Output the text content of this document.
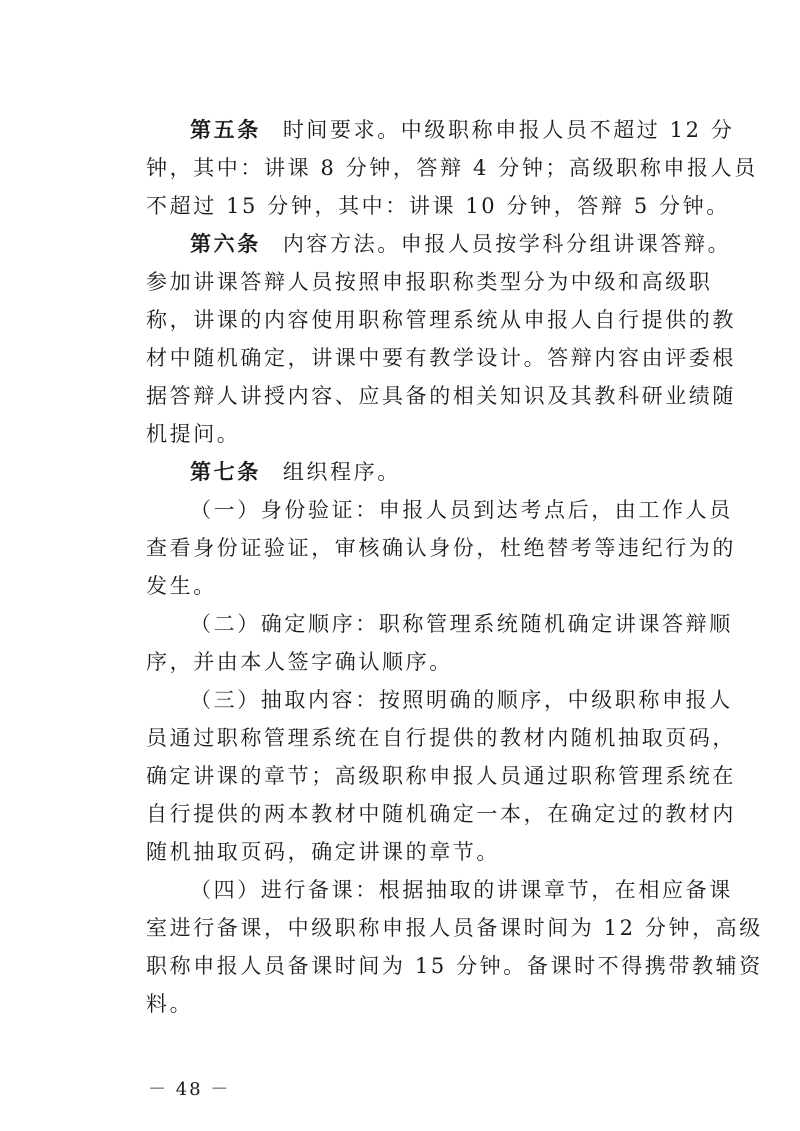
第五条 时间要求。中级职称申报人员不超过 12 分
钟，其中：讲课 8 分钟，答辩 4 分钟；高级职称申报人员
不超过 15 分钟，其中：讲课 10 分钟，答辩 5 分钟。
第六条 内容方法。申报人员按学科分组讲课答辩。
参加讲课答辩人员按照申报职称类型分为中级和高级职
称，讲课的内容使用职称管理系统从申报人自行提供的教
材中随机确定，讲课中要有教学设计。答辩内容由评委根
据答辩人讲授内容、应具备的相关知识及其教科研业绩随
机提问。
第七条 组织程序。
（一）身份验证：申报人员到达考点后，由工作人员
查看身份证验证，审核确认身份，杜绝替考等违纪行为的
发生。
（二）确定顺序：职称管理系统随机确定讲课答辩顺
序，并由本人签字确认顺序。
（三）抽取内容：按照明确的顺序，中级职称申报人
员通过职称管理系统在自行提供的教材内随机抽取页码，
确定讲课的章节；高级职称申报人员通过职称管理系统在
自行提供的两本教材中随机确定一本，在确定过的教材内
随机抽取页码，确定讲课的章节。
（四）进行备课：根据抽取的讲课章节，在相应备课
室进行备课，中级职称申报人员备课时间为 12 分钟，高级
职称申报人员备课时间为 15 分钟。备课时不得携带教辅资
料。
－ 48 －
